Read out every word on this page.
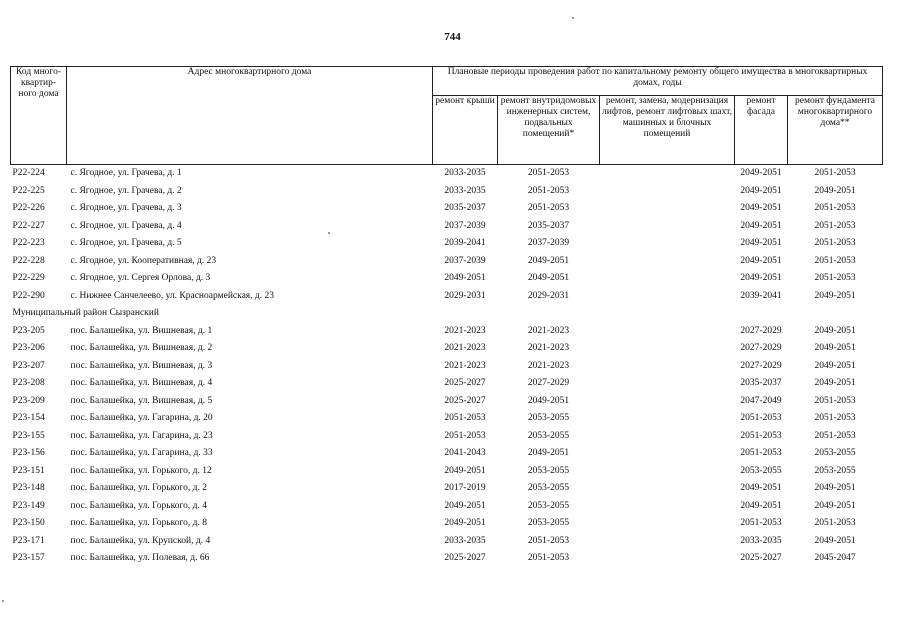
744
Код много-квартир-ного дома	Адрес многоквартирного дома	Плановые периоды проведения работ по капитальному ремонту общего имущества в многоквартирных домах, годы				
		ремонт крыши	ремонт внутридомовых инженерных систем, подвальных помещений*	ремонт, замена, модернизация лифтов, ремонт лифтовых шахт, машинных и блочных помещений	ремонт фасада	ремонт фундамента многоквартирного дома**
P22-224	с. Ягодное, ул. Грачева, д. 1	2033-2035	2051-2053		2049-2051	2051-2053
P22-225	с. Ягодное, ул. Грачева, д. 2	2033-2035	2051-2053		2049-2051	2049-2051
P22-226	с. Ягодное, ул. Грачева, д. 3	2035-2037	2051-2053		2049-2051	2051-2053
P22-227	с. Ягодное, ул. Грачева, д. 4	2037-2039	2035-2037		2049-2051	2051-2053
P22-223	с. Ягодное, ул. Грачева, д. 5	2039-2041	2037-2039		2049-2051	2051-2053
P22-228	с. Ягодное, ул. Кооперативная, д. 23	2037-2039	2049-2051		2049-2051	2051-2053
P22-229	с. Ягодное, ул. Сергея Орлова, д. 3	2049-2051	2049-2051		2049-2051	2051-2053
P22-290	с. Нижнее Санчелеево, ул. Красноармейская, д. 23	2029-2031	2029-2031		2039-2041	2049-2051
Муниципальный район Сызранский						
P23-205	пос. Балашейка, ул. Вишневая, д. 1	2021-2023	2021-2023		2027-2029	2049-2051
P23-206	пос. Балашейка, ул. Вишневая, д. 2	2021-2023	2021-2023		2027-2029	2049-2051
P23-207	пос. Балашейка, ул. Вишневая, д. 3	2021-2023	2021-2023		2027-2029	2049-2051
P23-208	пос. Балашейка, ул. Вишневая, д. 4	2025-2027	2027-2029		2035-2037	2049-2051
P23-209	пос. Балашейка, ул. Вишневая, д. 5	2025-2027	2049-2051		2047-2049	2051-2053
P23-154	пос. Балашейка, ул. Гагарина, д. 20	2051-2053	2053-2055		2051-2053	2051-2053
P23-155	пос. Балашейка, ул. Гагарина, д. 23	2051-2053	2053-2055		2051-2053	2051-2053
P23-156	пос. Балашейка, ул. Гагарина, д. 33	2041-2043	2049-2051		2051-2053	2053-2055
P23-151	пос. Балашейка, ул. Горького, д. 12	2049-2051	2053-2055		2053-2055	2053-2055
P23-148	пос. Балашейка, ул. Горького, д. 2	2017-2019	2053-2055		2049-2051	2049-2051
P23-149	пос. Балашейка, ул. Горького, д. 4	2049-2051	2053-2055		2049-2051	2049-2051
P23-150	пос. Балашейка, ул. Горького, д. 8	2049-2051	2053-2055		2051-2053	2051-2053
P23-171	пос. Балашейка, ул. Крупской, д. 4	2033-2035	2051-2053		2033-2035	2049-2051
P23-157	пос. Балашейка, ул. Полевая, д. 66	2025-2027	2051-2053		2025-2027	2045-2047
